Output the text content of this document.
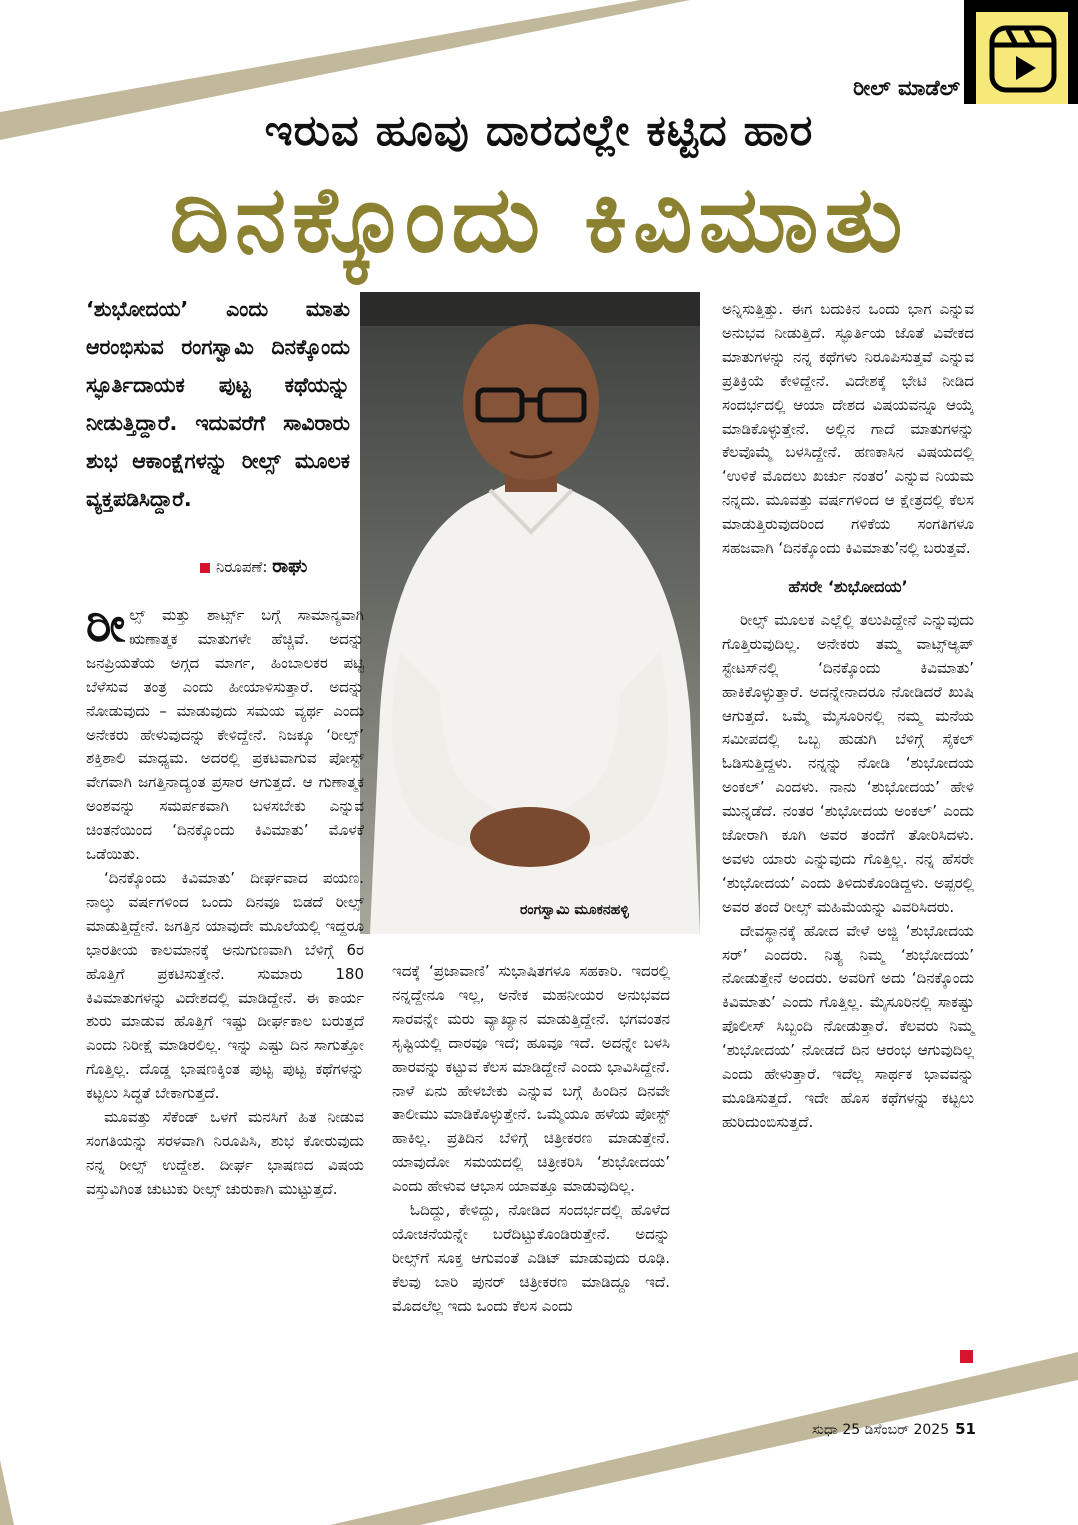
ರೀಲ್ ಮಾಡೆಲ್
ಇರುವ ಹೂವು ದಾರದಲ್ಲೇ ಕಟ್ಟಿದ ಹಾರ
ದಿನಕ್ಕೊಂದು ಕಿವಿಮಾತು
‘ಶುಭೋದಯ’ ಎಂದು ಮಾತು ಆರಂಭಿಸುವ ರಂಗಸ್ವಾಮಿ ದಿನಕ್ಕೊಂದು ಸ್ಫೂರ್ತಿದಾಯಕ ಪುಟ್ಟ ಕಥೆಯನ್ನು ನೀಡುತ್ತಿದ್ದಾರೆ. ಇದುವರೆಗೆ ಸಾವಿರಾರು ಶುಭ ಆಕಾಂಕ್ಷೆಗಳನ್ನು ರೀಲ್ಸ್ ಮೂಲಕ ವ್ಯಕ್ತಪಡಿಸಿದ್ದಾರೆ.
ನಿರೂಪಣೆ: ರಾಘು
ರಂಗಸ್ವಾಮಿ ಮೂಕನಹಳ್ಳಿ

ರೀಲ್ಸ್ ಮತ್ತು ಶಾರ್ಟ್ಸ್ ಬಗ್ಗೆ ಸಾಮಾನ್ಯವಾಗಿ ಋಣಾತ್ಮಕ ಮಾತುಗಳೇ ಹೆಚ್ಚಿವೆ. ಅದನ್ನು ಜನಪ್ರಿಯತೆಯ ಅಗ್ಗದ ಮಾರ್ಗ, ಹಿಂಬಾಲಕರ ಪಟ್ಟಿ ಬೆಳೆಸುವ ತಂತ್ರ ಎಂದು ಹೀಯಾಳಿಸುತ್ತಾರೆ. ಅದನ್ನು ನೋಡುವುದು – ಮಾಡುವುದು ಸಮಯ ವ್ಯರ್ಥ ಎಂದು ಅನೇಕರು ಹೇಳುವುದನ್ನು ಕೇಳಿದ್ದೇನೆ. ನಿಜಕ್ಕೂ ‘ರೀಲ್ಸ್’ ಶಕ್ತಿಶಾಲಿ ಮಾಧ್ಯಮ. ಅದರಲ್ಲಿ ಪ್ರಕಟವಾಗುವ ಪೋಸ್ಟ್ ವೇಗವಾಗಿ ಜಗತ್ತಿನಾದ್ಯಂತ ಪ್ರಸಾರ ಆಗುತ್ತದೆ. ಆ ಗುಣಾತ್ಮಕ ಅಂಶವನ್ನು ಸಮರ್ಪಕವಾಗಿ ಬಳಸಬೇಕು ಎನ್ನುವ ಚಿಂತನೆಯಿಂದ ‘ದಿನಕ್ಕೊಂದು ಕಿವಿಮಾತು’ ಮೊಳಕೆ ಒಡೆಯಿತು.

‘ದಿನಕ್ಕೊಂದು ಕಿವಿಮಾತು’ ದೀರ್ಘವಾದ ಪಯಣ. ನಾಲ್ಕು ವರ್ಷಗಳಿಂದ ಒಂದು ದಿನವೂ ಬಿಡದೆ ರೀಲ್ಸ್ ಮಾಡುತ್ತಿದ್ದೇನೆ. ಜಗತ್ತಿನ ಯಾವುದೇ ಮೂಲೆಯಲ್ಲಿ ಇದ್ದರೂ ಭಾರತೀಯ ಕಾಲಮಾನಕ್ಕೆ ಅನುಗುಣವಾಗಿ ಬೆಳಿಗ್ಗೆ 6ರ ಹೊತ್ತಿಗೆ ಪ್ರಕಟಿಸುತ್ತೇನೆ. ಸುಮಾರು 180 ಕಿವಿಮಾತುಗಳನ್ನು ವಿದೇಶದಲ್ಲಿ ಮಾಡಿದ್ದೇನೆ. ಈ ಕಾರ್ಯ ಶುರು ಮಾಡುವ ಹೊತ್ತಿಗೆ ಇಷ್ಟು ದೀರ್ಘಕಾಲ ಬರುತ್ತದೆ ಎಂದು ನಿರೀಕ್ಷೆ ಮಾಡಿರಲಿಲ್ಲ. ಇನ್ನು ಎಷ್ಟು ದಿನ ಸಾಗುತ್ತೋ ಗೊತ್ತಿಲ್ಲ. ದೊಡ್ಡ ಭಾಷಣಕ್ಕಿಂತ ಪುಟ್ಟ ಪುಟ್ಟ ಕಥೆಗಳನ್ನು ಕಟ್ಟಲು ಸಿದ್ಧತೆ ಬೇಕಾಗುತ್ತದೆ.

ಮೂವತ್ತು ಸೆಕೆಂಡ್ ಒಳಗೆ ಮನಸಿಗೆ ಹಿತ ನೀಡುವ ಸಂಗತಿಯನ್ನು ಸರಳವಾಗಿ ನಿರೂಪಿಸಿ, ಶುಭ ಕೋರುವುದು ನನ್ನ ರೀಲ್ಸ್ ಉದ್ದೇಶ. ದೀರ್ಘ ಭಾಷಣದ ವಿಷಯ ವಸ್ತುವಿಗಿಂತ ಚುಟುಕು ರೀಲ್ಸ್ ಚುರುಕಾಗಿ ಮುಟ್ಟುತ್ತದೆ.

ಇದಕ್ಕೆ ‘ಪ್ರಜಾವಾಣಿ’ ಸುಭಾಷಿತಗಳೂ ಸಹಕಾರಿ. ಇದರಲ್ಲಿ ನನ್ನದ್ದೇನೂ ಇಲ್ಲ, ಅನೇಕ ಮಹನೀಯರ ಅನುಭವದ ಸಾರವನ್ನೇ ಮರು ವ್ಯಾಖ್ಯಾನ ಮಾಡುತ್ತಿದ್ದೇನೆ. ಭಗವಂತನ ಸೃಷ್ಟಿಯಲ್ಲಿ ದಾರವೂ ಇದೆ; ಹೂವೂ ಇದೆ. ಅದನ್ನೇ ಬಳಸಿ ಹಾರವನ್ನು ಕಟ್ಟುವ ಕೆಲಸ ಮಾಡಿದ್ದೇನೆ ಎಂದು ಭಾವಿಸಿದ್ದೇನೆ. ನಾಳೆ ಏನು ಹೇಳಬೇಕು ಎನ್ನುವ ಬಗ್ಗೆ ಹಿಂದಿನ ದಿನವೇ ತಾಲೀಮು ಮಾಡಿಕೊಳ್ಳುತ್ತೇನೆ. ಒಮ್ಮೆಯೂ ಹಳೆಯ ಪೋಸ್ಟ್ ಹಾಕಿಲ್ಲ. ಪ್ರತಿದಿನ ಬೆಳಿಗ್ಗೆ ಚಿತ್ರೀಕರಣ ಮಾಡುತ್ತೇನೆ. ಯಾವುದೋ ಸಮಯದಲ್ಲಿ ಚಿತ್ರೀಕರಿಸಿ ‘ಶುಭೋದಯ’ ಎಂದು ಹೇಳುವ ಆಭಾಸ ಯಾವತ್ತೂ ಮಾಡುವುದಿಲ್ಲ.

ಓದಿದ್ದು, ಕೇಳಿದ್ದು, ನೋಡಿದ ಸಂದರ್ಭದಲ್ಲಿ ಹೊಳೆದ ಯೋಚನೆಯನ್ನೇ ಬರೆದಿಟ್ಟುಕೊಂಡಿರುತ್ತೇನೆ. ಅದನ್ನು ರೀಲ್ಸ್‌ಗೆ ಸೂಕ್ತ ಆಗುವಂತೆ ಎಡಿಟ್ ಮಾಡುವುದು ರೂಢಿ. ಕೆಲವು ಬಾರಿ ಪುನರ್ ಚಿತ್ರೀಕರಣ ಮಾಡಿದ್ದೂ ಇದೆ. ಮೊದಲೆಲ್ಲ ಇದು ಒಂದು ಕೆಲಸ ಎಂದು

ಅನ್ನಿಸುತ್ತಿತ್ತು. ಈಗ ಬದುಕಿನ ಒಂದು ಭಾಗ ಎನ್ನುವ ಅನುಭವ ನೀಡುತ್ತಿದೆ. ಸ್ಫೂರ್ತಿಯ ಜೊತೆ ವಿವೇಕದ ಮಾತುಗಳನ್ನು ನನ್ನ ಕಥೆಗಳು ನಿರೂಪಿಸುತ್ತವೆ ಎನ್ನುವ ಪ್ರತಿಕ್ರಿಯೆ ಕೇಳಿದ್ದೇನೆ. ವಿದೇಶಕ್ಕೆ ಭೇಟಿ ನೀಡಿದ ಸಂದರ್ಭದಲ್ಲಿ ಆಯಾ ದೇಶದ ವಿಷಯವನ್ನೂ ಆಯ್ಕೆ ಮಾಡಿಕೊಳ್ಳುತ್ತೇನೆ. ಅಲ್ಲಿನ ಗಾದೆ ಮಾತುಗಳನ್ನು ಕೆಲವೊಮ್ಮೆ ಬಳಸಿದ್ದೇನೆ. ಹಣಕಾಸಿನ ವಿಷಯದಲ್ಲಿ ‘ಉಳಿಕೆ ಮೊದಲು ಖರ್ಚು ನಂತರ’ ಎನ್ನುವ ನಿಯಮ ನನ್ನದು. ಮೂವತ್ತು ವರ್ಷಗಳಿಂದ ಆ ಕ್ಷೇತ್ರದಲ್ಲಿ ಕೆಲಸ ಮಾಡುತ್ತಿರುವುದರಿಂದ ಗಳಿಕೆಯ ಸಂಗತಿಗಳೂ ಸಹಜವಾಗಿ ‘ದಿನಕ್ಕೊಂದು ಕಿವಿಮಾತು’ನಲ್ಲಿ ಬರುತ್ತವೆ.

ಹೆಸರೇ ‘ಶುಭೋದಯ’

ರೀಲ್ಸ್ ಮೂಲಕ ಎಲ್ಲೆಲ್ಲಿ ತಲುಪಿದ್ದೇನೆ ಎನ್ನುವುದು ಗೊತ್ತಿರುವುದಿಲ್ಲ. ಅನೇಕರು ತಮ್ಮ ವಾಟ್ಸ್‌ಆ್ಯಪ್ ಸ್ಟೇಟಸ್‌ನಲ್ಲಿ ‘ದಿನಕ್ಕೊಂದು ಕಿವಿಮಾತು’ ಹಾಕಿಕೊಳ್ಳುತ್ತಾರೆ. ಅದನ್ನೇನಾದರೂ ನೋಡಿದರೆ ಖುಷಿ ಆಗುತ್ತದೆ. ಒಮ್ಮೆ ಮೈಸೂರಿನಲ್ಲಿ ನಮ್ಮ ಮನೆಯ ಸಮೀಪದಲ್ಲಿ ಒಬ್ಬ ಹುಡುಗಿ ಬೆಳಿಗ್ಗೆ ಸೈಕಲ್ ಓಡಿಸುತ್ತಿದ್ದಳು. ನನ್ನನ್ನು ನೋಡಿ ‘ಶುಭೋದಯ ಅಂಕಲ್’ ಎಂದಳು. ನಾನು ‘ಶುಭೋದಯ’ ಹೇಳಿ ಮುನ್ನಡೆದೆ. ನಂತರ ‘ಶುಭೋದಯ ಅಂಕಲ್’ ಎಂದು ಜೋರಾಗಿ ಕೂಗಿ ಅವರ ತಂದೆಗೆ ತೋರಿಸಿದಳು. ಅವಳು ಯಾರು ಎನ್ನುವುದು ಗೊತ್ತಿಲ್ಲ. ನನ್ನ ಹೆಸರೇ ‘ಶುಭೋದಯ’ ಎಂದು ತಿಳಿದುಕೊಂಡಿದ್ದಳು. ಅಪ್ಪರಲ್ಲಿ ಅವರ ತಂದೆ ರೀಲ್ಸ್ ಮಹಿಮೆಯನ್ನು ವಿವರಿಸಿದರು.

ದೇವಸ್ಥಾನಕ್ಕೆ ಹೋದ ವೇಳೆ ಅಜ್ಜಿ ‘ಶುಭೋದಯ ಸರ್’ ಎಂದರು. ನಿತ್ಯ ನಿಮ್ಮ ‘ಶುಭೋದಯ’ ನೋಡುತ್ತೇನೆ ಅಂದರು. ಅವರಿಗೆ ಅದು ‘ದಿನಕ್ಕೊಂದು ಕಿವಿಮಾತು’ ಎಂದು ಗೊತ್ತಿಲ್ಲ. ಮೈಸೂರಿನಲ್ಲಿ ಸಾಕಷ್ಟು ಪೊಲೀಸ್ ಸಿಬ್ಬಂದಿ ನೋಡುತ್ತಾರೆ. ಕೆಲವರು ನಿಮ್ಮ ‘ಶುಭೋದಯ’ ನೋಡದೆ ದಿನ ಆರಂಭ ಆಗುವುದಿಲ್ಲ ಎಂದು ಹೇಳುತ್ತಾರೆ. ಇದೆಲ್ಲ ಸಾರ್ಥಕ ಭಾವವನ್ನು ಮೂಡಿಸುತ್ತದೆ. ಇದೇ ಹೊಸ ಕಥೆಗಳನ್ನು ಕಟ್ಟಲು ಹುರಿದುಂಬಿಸುತ್ತದೆ.

ಸುಧಾ 25 ಡಿಸೆಂಬರ್ 2025 51
